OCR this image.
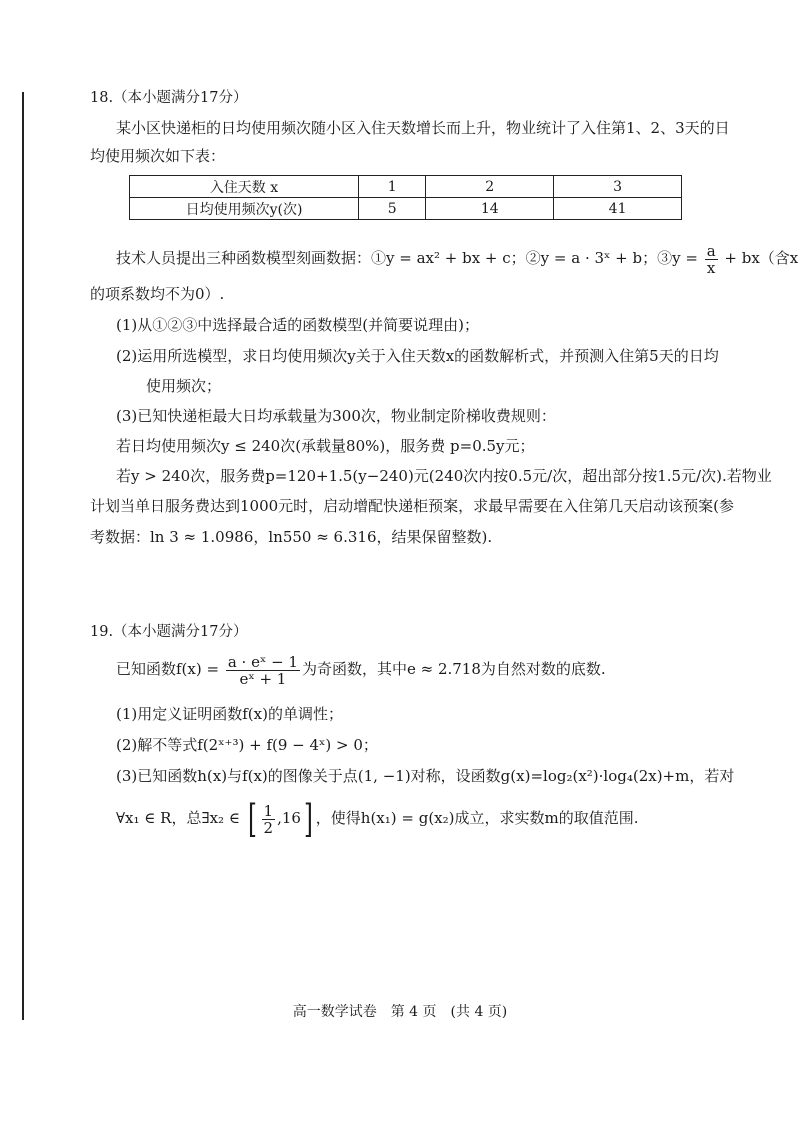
18.（本小题满分17分）
某小区快递柜的日均使用频次随小区入住天数增长而上升，物业统计了入住第1、2、3天的日
均使用频次如下表：
入住天数 x	1	2	3
日均使用频次y(次)	5	14	41
技术人员提出三种函数模型刻画数据：①y = ax² + bx + c；②y = a · 3ˣ + b；③y = $\frac{a}{x} + bx$（含x
的项系数均不为0）.
(1)从①②③中选择最合适的函数模型(并简要说理由)；
(2)运用所选模型，求日均使用频次y关于入住天数x的函数解析式，并预测入住第5天的日均
使用频次；
(3)已知快递柜最大日均承载量为300次，物业制定阶梯收费规则：
若日均使用频次y ≤ 240次(承载量80%)，服务费 p=0.5y元；
若y > 240次，服务费p=120+1.5(y−240)元(240次内按0.5元/次，超出部分按1.5元/次).若物业
计划当单日服务费达到1000元时，启动增配快递柜预案，求最早需要在入住第几天启动该预案(参
考数据：ln 3 ≈ 1.0986，ln550 ≈ 6.316，结果保留整数).
19.（本小题满分17分）
已知函数$f(x) = \frac{\text{a · eˣ − 1}}{\text{eˣ + 1}}$ 为奇函数，其中e ≈ 2.718为自然对数的底数.
(1)用定义证明函数f(x)的单调性；
(2)解不等式f(2ˣ⁺³) + f(9 − 4ˣ) > 0；
(3)已知函数h(x)与f(x)的图像关于点(1, −1)对称，设函数g(x)=log₂(x²)·log₄(2x)+m，若对
∀x₁ ∈ R，总∃x₂ ∈ [ $\frac{1}{2} ,16$] ，使得h(x₁) = g(x₂)成立，求实数m的取值范围.
高一数学试卷　第 4 页　(共 4 页)
